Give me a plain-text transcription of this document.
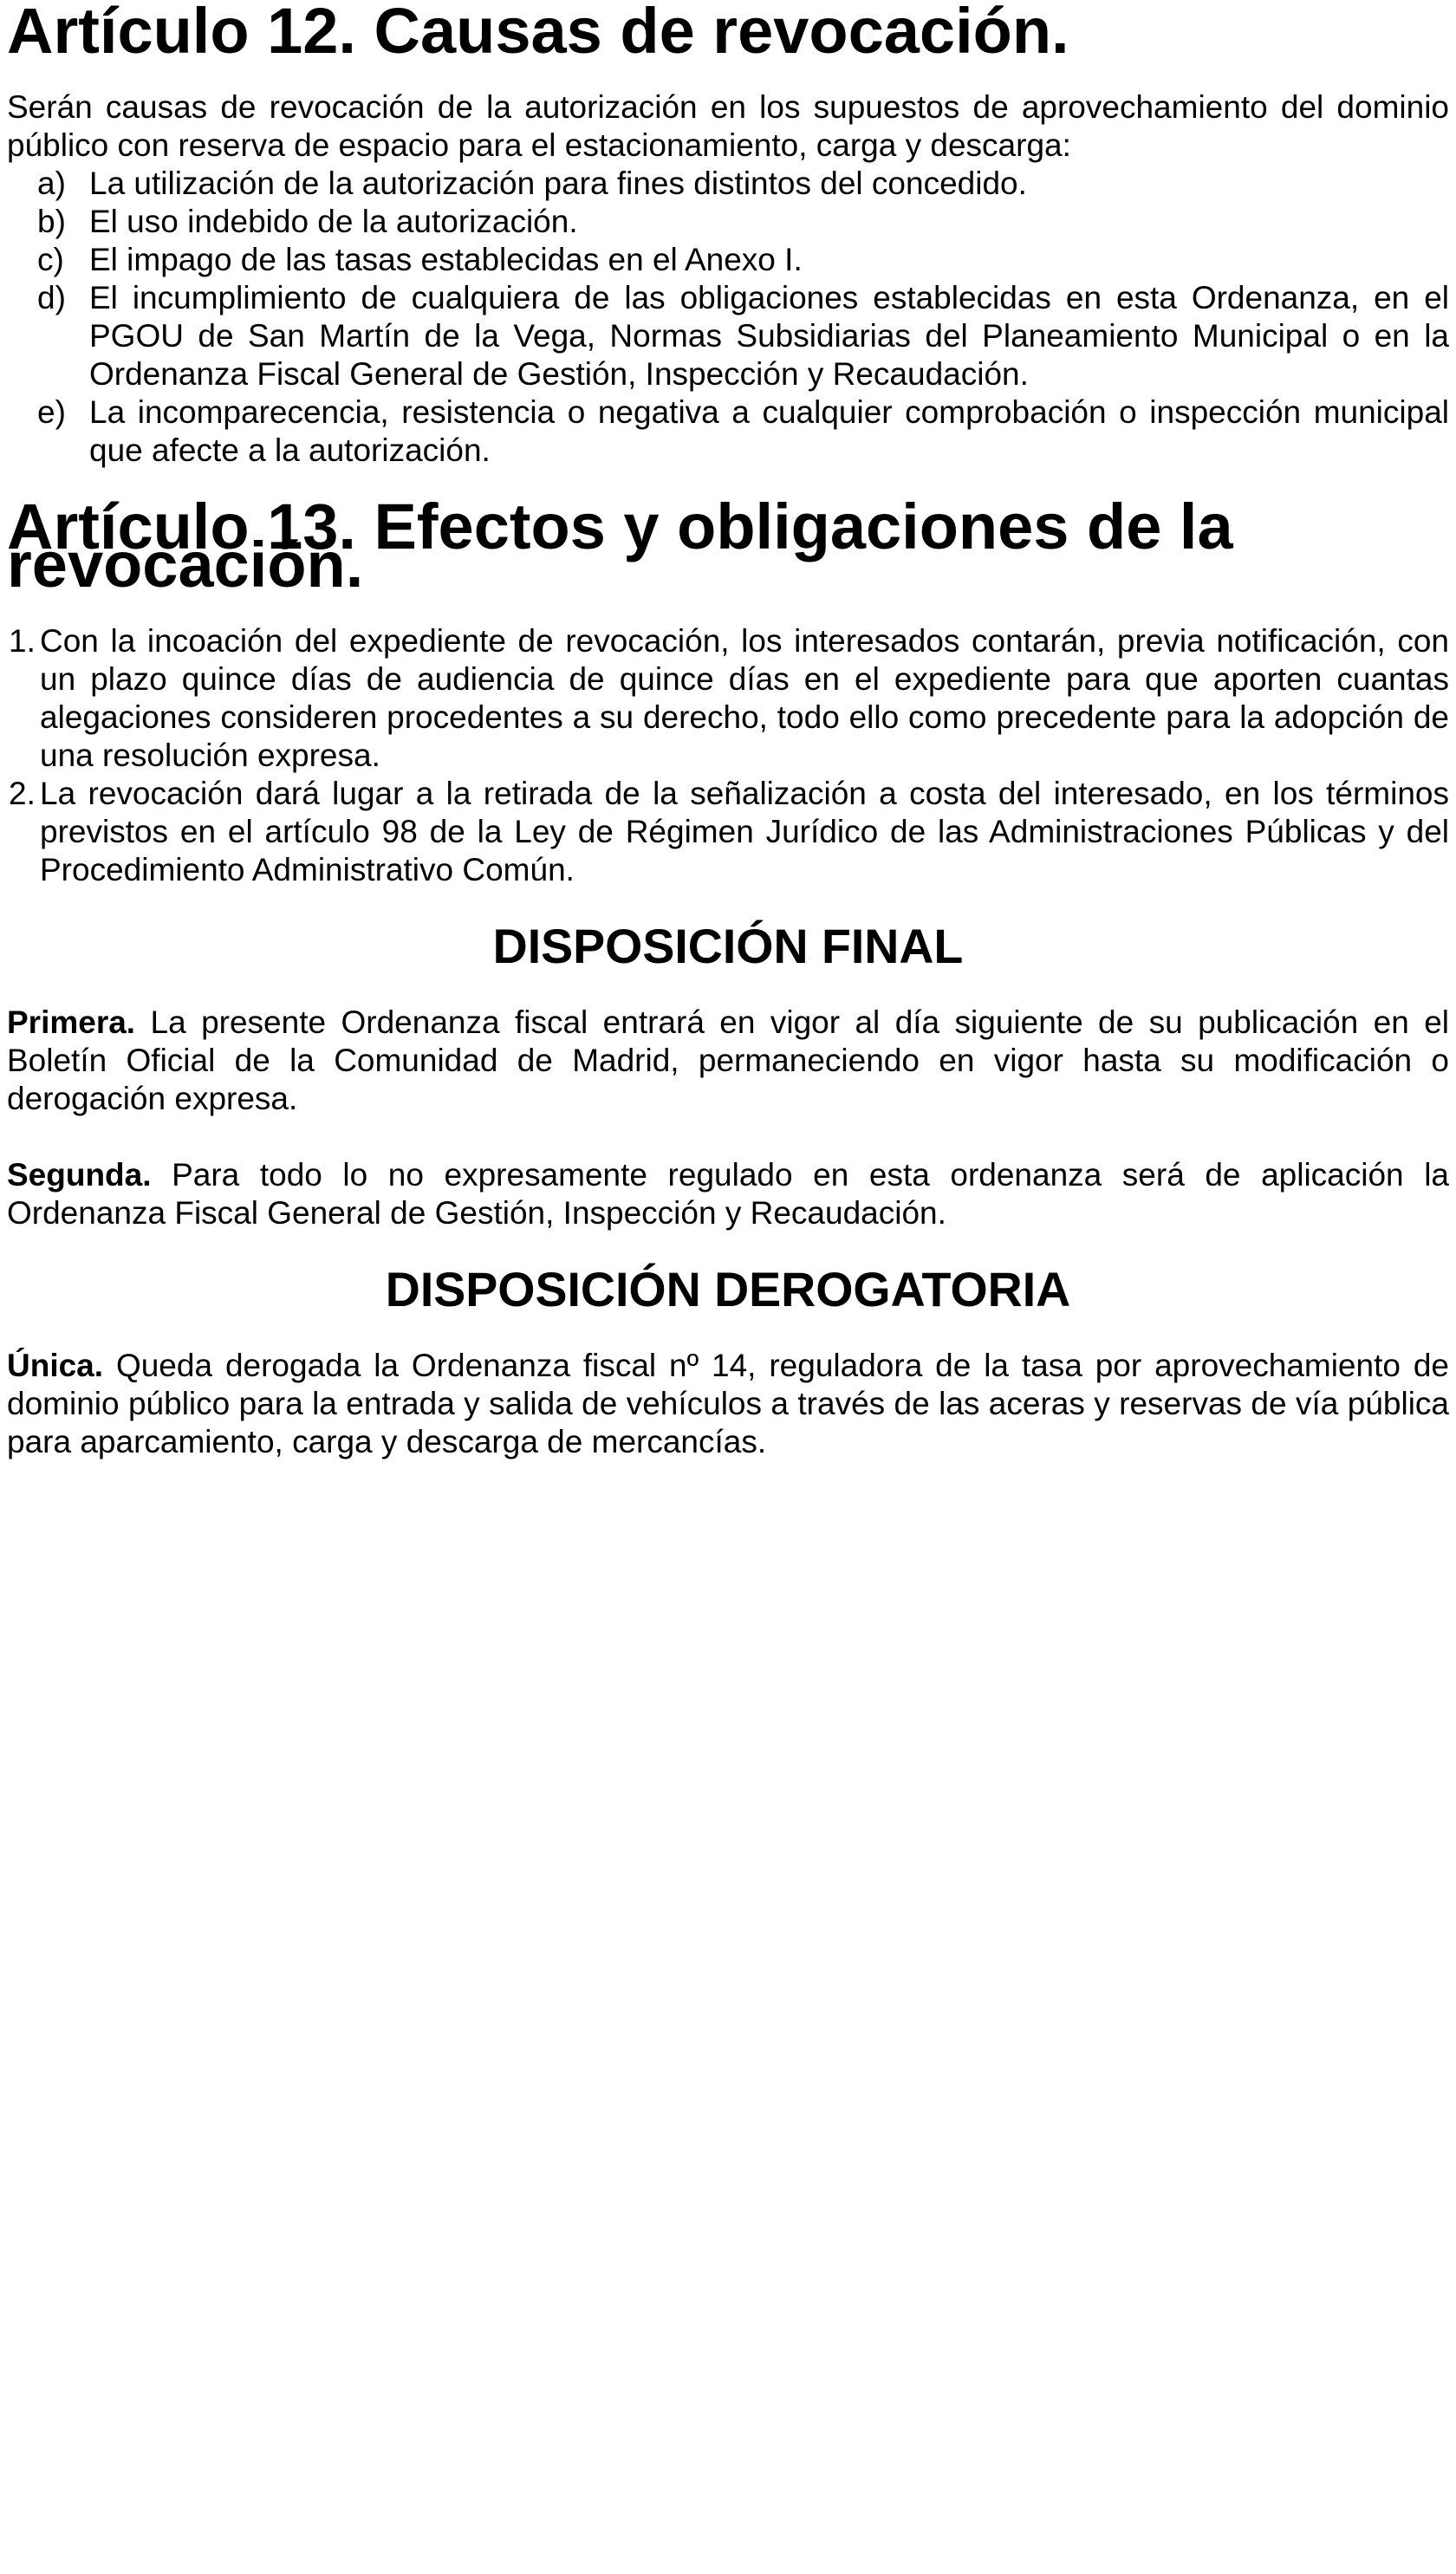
Artículo 12. Causas de revocación.

Serán causas de revocación de la autorización en los supuestos de aprovechamiento del dominio público con reserva de espacio para el estacionamiento, carga y descarga:

a) La utilización de la autorización para fines distintos del concedido.
b) El uso indebido de la autorización.
c) El impago de las tasas establecidas en el Anexo I.
d) El incumplimiento de cualquiera de las obligaciones establecidas en esta Ordenanza, en el PGOU de San Martín de la Vega, Normas Subsidiarias del Planeamiento Municipal o en la Ordenanza Fiscal General de Gestión, Inspección y Recaudación.
e) La incomparecencia, resistencia o negativa a cualquier comprobación o inspección municipal que afecte a la autorización.
Artículo 13. Efectos y obligaciones de la revocación.
1. Con la incoación del expediente de revocación, los interesados contarán, previa notificación, con un plazo quince días de audiencia de quince días en el expediente para que aporten cuantas alegaciones consideren procedentes a su derecho, todo ello como precedente para la adopción de una resolución expresa.
2. La revocación dará lugar a la retirada de la señalización a costa del interesado, en los términos previstos en el artículo 98 de la Ley de Régimen Jurídico de las Administraciones Públicas y del Procedimiento Administrativo Común.
DISPOSICIÓN FINAL

Primera. La presente Ordenanza fiscal entrará en vigor al día siguiente de su publicación en el Boletín Oficial de la Comunidad de Madrid, permaneciendo en vigor hasta su modificación o derogación expresa.

Segunda. Para todo lo no expresamente regulado en esta ordenanza será de aplicación la Ordenanza Fiscal General de Gestión, Inspección y Recaudación.

DISPOSICIÓN DEROGATORIA

Única. Queda derogada la Ordenanza fiscal nº 14, reguladora de la tasa por aprovechamiento de dominio público para la entrada y salida de vehículos a través de las aceras y reservas de vía pública para aparcamiento, carga y descarga de mercancías.
